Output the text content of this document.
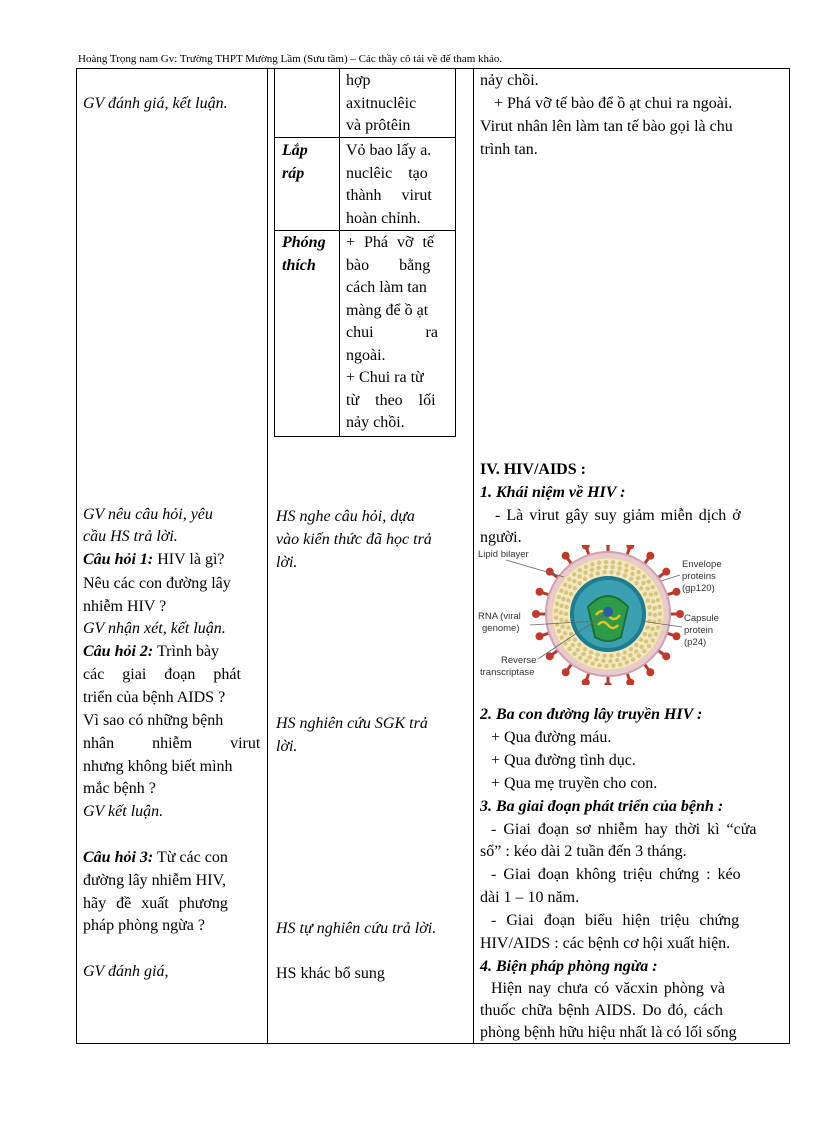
Hoàng Trọng nam Gv: Trường THPT Mường Lầm (Sưu tầm) – Các thầy cô tải về để tham khảo.
GV đánh giá, kết luận.
GV nêu câu hỏi, yêu
cầu HS trả lời.
Câu hỏi 1: HIV là gì?
Nêu các con đường lây
nhiễm HIV ?
GV nhận xét, kết luận.
Câu hỏi 2: Trình bày
các giai đoạn phát
triển của bệnh AIDS ?
Vì sao có những bệnh
nhân nhiễm virut
nhưng không biết mình
mắc bệnh ?
GV kết luận.
Câu hỏi 3: Từ các con
đường lây nhiễm HIV,
hãy đề xuất phương
pháp phòng ngừa ?
GV đánh giá,
hợp
axitnuclêic
và prôtêin
Lắp
ráp
Vỏ bao lấy a.
nuclêic tạo
thành virut
hoàn chỉnh.
Phóng
thích
+ Phá vỡ tế
bào bằng
cách làm tan
màng để ồ ạt
chui ra
ngoài.
+ Chui ra từ
từ theo lối
nảy chồi.
HS nghe câu hỏi, dựa
vào kiến thức đã học trả
lời.
HS nghiên cứu SGK trả
lời.
HS tự nghiên cứu trả lời.
HS khác bổ sung
nảy chồi.
+ Phá vỡ tế bào để ồ ạt chui ra ngoài.
Virut nhân lên làm tan tế bào gọi là chu
trình tan.
IV. HIV/AIDS :
1. Khái niệm về HIV :
- Là virut gây suy giảm miễn dịch ở
người.
Lipid bilayer
Envelope
proteins
(gp120)
RNA (viral
genome)
Capsule
protein
(p24)
Reverse
transcriptase
2. Ba con đường lây truyền HIV :
+ Qua đường máu.
+ Qua đường tình dục.
+ Qua mẹ truyền cho con.
3. Ba giai đoạn phát triển của bệnh :
- Giai đoạn sơ nhiễm hay thời kì “cửa
sổ” : kéo dài 2 tuần đến 3 tháng.
- Giai đoạn không triệu chứng : kéo
dài 1 – 10 năm.
- Giai đoạn biểu hiện triệu chứng
HIV/AIDS : các bệnh cơ hội xuất hiện.
4. Biện pháp phòng ngừa :
Hiện nay chưa có văcxin phòng và
thuốc chữa bệnh AIDS. Do đó, cách
phòng bệnh hữu hiệu nhất là có lối sống
